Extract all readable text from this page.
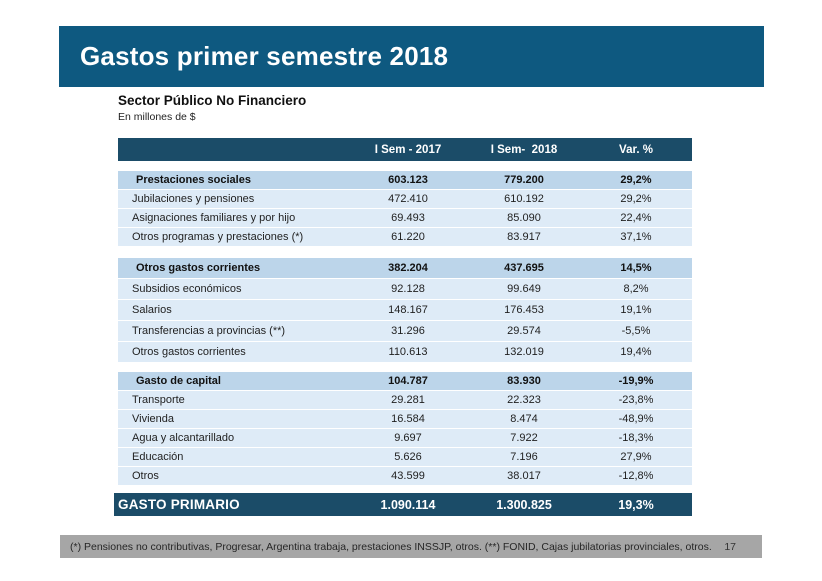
Gastos primer semestre 2018
Sector Público No Financiero
En millones de $
I Sem - 2017	I Sem-  2018	Var. %
Prestaciones sociales	603.123	779.200	29,2%
Jubilaciones y pensiones	472.410	610.192	29,2%
Asignaciones familiares y por hijo	69.493	85.090	22,4%
Otros programas y prestaciones (*)	61.220	83.917	37,1%
Otros gastos corrientes	382.204	437.695	14,5%
Subsidios económicos	92.128	99.649	8,2%
Salarios	148.167	176.453	19,1%
Transferencias a provincias (**)	31.296	29.574	-5,5%
Otros gastos corrientes	110.613	132.019	19,4%
Gasto de capital	104.787	83.930	-19,9%
Transporte	29.281	22.323	-23,8%
Vivienda	16.584	8.474	-48,9%
Agua y alcantarillado	9.697	7.922	-18,3%
Educación	5.626	7.196	27,9%
Otros	43.599	38.017	-12,8%
GASTO PRIMARIO	1.090.114	1.300.825	19,3%
(*) Pensiones no contributivas, Progresar, Argentina trabaja, prestaciones INSSJP, otros. (**) FONID, Cajas jubilatorias provinciales, otros. 17
